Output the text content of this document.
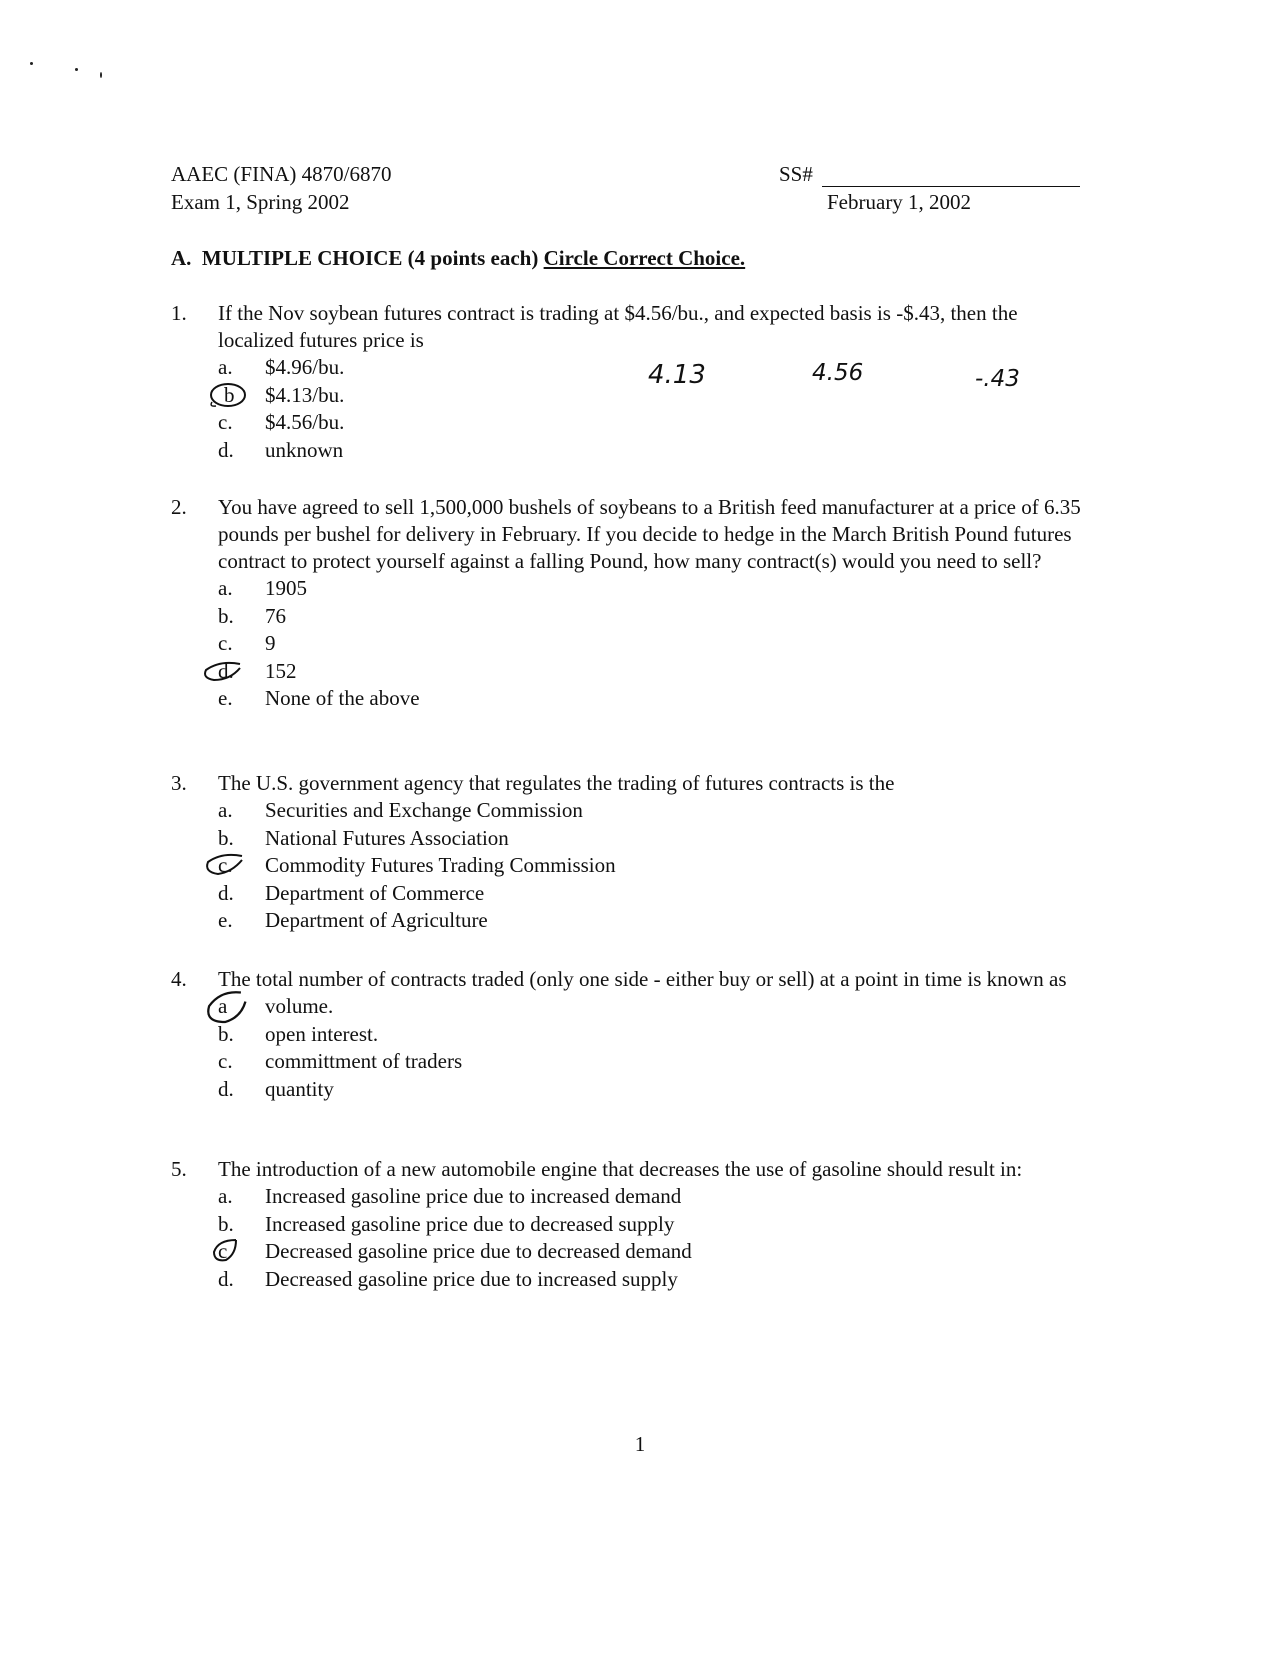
AAEC (FINA) 4870/6870
Exam 1, Spring 2002
SS#
February 1, 2002
A. MULTIPLE CHOICE (4 points each) Circle Correct Choice.
1.	If the Nov soybean futures contract is trading at $4.56/bu., and expected basis is -$.43, then the localized futures price is
a.	$4.96/bu.
b	$4.13/bu.
c.	$4.56/bu.
d.	unknown
4.13	4.56	-.43
2.	You have agreed to sell 1,500,000 bushels of soybeans to a British feed manufacturer at a price of 6.35 pounds per bushel for delivery in February. If you decide to hedge in the March British Pound futures contract to protect yourself against a falling Pound, how many contract(s) would you need to sell?
a.	1905
b.	76
c.	9
d.	152
e.	None of the above
3.	The U.S. government agency that regulates the trading of futures contracts is the
a.	Securities and Exchange Commission
b.	National Futures Association
c.	Commodity Futures Trading Commission
d.	Department of Commerce
e.	Department of Agriculture
4.	The total number of contracts traded (only one side - either buy or sell) at a point in time is known as
a	volume.
b.	open interest.
c.	committment of traders
d.	quantity
5.	The introduction of a new automobile engine that decreases the use of gasoline should result in:
a.	Increased gasoline price due to increased demand
b.	Increased gasoline price due to decreased supply
c	Decreased gasoline price due to decreased demand
d.	Decreased gasoline price due to increased supply
1
